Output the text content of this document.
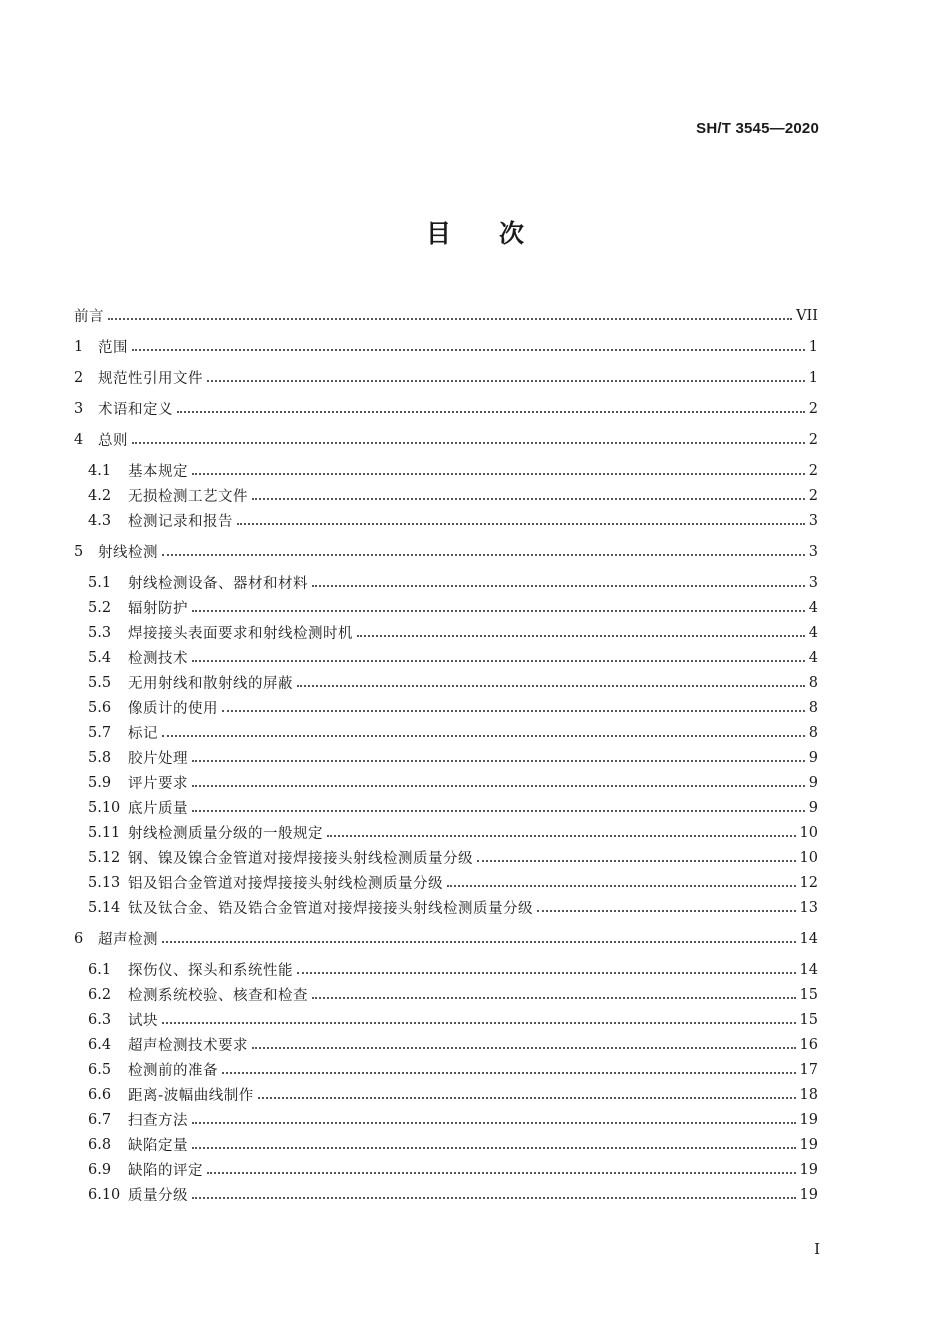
SH/T 3545—2020
目 次
前言	VII
1	范围	1
2	规范性引用文件	1
3	术语和定义	2
4	总则	2
4.1	基本规定	2
4.2	无损检测工艺文件	2
4.3	检测记录和报告	3
5	射线检测	3
5.1	射线检测设备、器材和材料	3
5.2	辐射防护	4
5.3	焊接接头表面要求和射线检测时机	4
5.4	检测技术	4
5.5	无用射线和散射线的屏蔽	8
5.6	像质计的使用	8
5.7	标记	8
5.8	胶片处理	9
5.9	评片要求	9
5.10 底片质量	9
5.11 射线检测质量分级的一般规定	10
5.12 钢、镍及镍合金管道对接焊接接头射线检测质量分级	10
5.13 铝及铝合金管道对接焊接接头射线检测质量分级	12
5.14 钛及钛合金、锆及锆合金管道对接焊接接头射线检测质量分级	13
6	超声检测	14
6.1	探伤仪、探头和系统性能	14
6.2	检测系统校验、核查和检查	15
6.3	试块	15
6.4	超声检测技术要求	16
6.5	检测前的准备	17
6.6	距离-波幅曲线制作	18
6.7	扫查方法	19
6.8	缺陷定量	19
6.9	缺陷的评定	19
6.10 质量分级	19
I
